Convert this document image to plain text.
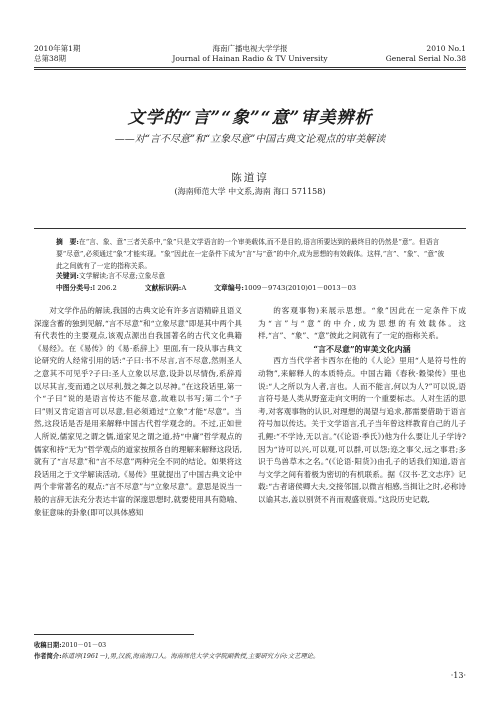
2010年第1期
总第38期
海南广播电视大学学报
Journal of Hainan Radio & TV University
2010 No.1
General Serial No.38
文学的“言”“象”“意”审美辨析
——对“言不尽意”和“立象尽意”中国古典文论观点的审美解读
陈道谆
(海南师范大学 中文系,海南 海口 571158)
摘　要:在“言、象、意”三者关系中,“象”只是文学语言的一个审美载体,而不是目的,语言所要达到的最终目的仍然是“意”。但语言要“尽意”,必须通过“象”才能实现。“象”因此在一定条件下成为“言”与“意”的中介,成为思想的有效载体。这样,“言”、“象”、“意”彼此之间就有了一定的指称关系。
关键词:文学解读;言不尽意;立象尽意
中图分类号:I 206.2	文献标识码:A	文章编号:1009－9743(2010)01－0013－03

对文学作品的解读,我国的古典文论有许多言语精辟且语义深邃含蓄的独到见解,“言不尽意”和“立象尽意”即是其中两个具有代表性的主要观点,该观点源出自我国著名的古代文化典籍《易经》。在《易传》的《易·系辞上》里面,有一段从事古典文论研究的人经常引用的话:“子曰:书不尽言,言不尽意,然则圣人之意其不可见乎?子曰:圣人立象以尽意,设卦以尽情伪,系辞焉以尽其言,变而通之以尽利,鼓之舞之以尽神。”在这段话里,第一个“子曰”说的是语言传达不能尽意,故难以书写;第二个“子曰”则又肯定语言可以尽意,但必须通过“立象”才能“尽意”。当然,这段话是否是用来解释中国古代哲学观念的。不过,正如世人所说,儒家见之谓之儒,道家见之谓之道,持“中庸”哲学观点的儒家和持“无为”哲学观点的道家按照各自的理解来解释这段话,就有了“言尽意”和“言不尽意”两种完全不同的结论。如果将这段话用之于文学解读活动,《易传》里就提出了中国古典文论中两个非常著名的观点:“言不尽意”与“立象尽意”。意思是说当一般的言辞无法充分表达丰富的深邃思想时,就要使用具有隐喻、象征意味的卦象(即可以具体感知

的客观事物)来展示思想。“象”因此在一定条件下成为“言”与“意”的中介,成为思想的有效载体。这样,“言”、“象”、“意”彼此之间就有了一定的指称关系。

“言不尽意”的审美文化内涵

西方当代学者卡西尔在他的《人论》里用“人是符号性的动物”,来解释人的本质特点。中国古籍《春秋·穀梁传》里也说:“人之所以为人者,言也。人而不能言,何以为人?”可以说,语言符号是人类从野蛮走向文明的一个重要标志。人对生活的思考,对客观事物的认识,对理想的渴望与追求,都需要借助于语言符号加以传达。关于文学语言,孔子当年曾这样教育自己的儿子孔鲤:“不学诗,无以言。”(《论语·季氏》)他为什么要让儿子学诗?因为“诗可以兴,可以观,可以群,可以怨;迩之事父,远之事君;多识于鸟兽草木之名。”(《论语·阳货》)由孔子的话我们知道,语言与文学之间有着极为密切的有机联系。据《汉书·艺文志序》记载:“古者诸侯卿大夫,交接邻国,以微言相感,当揖让之时,必称诗以谕其志,盖以别贤不肖而观盛衰焉。”这段历史记载,

收稿日期:2010－01－03
作者简介:陈道谆(1961－),男,汉族,海南海口人。海南师范大学文学院副教授,主要研究方向:文艺理论。
·13·
